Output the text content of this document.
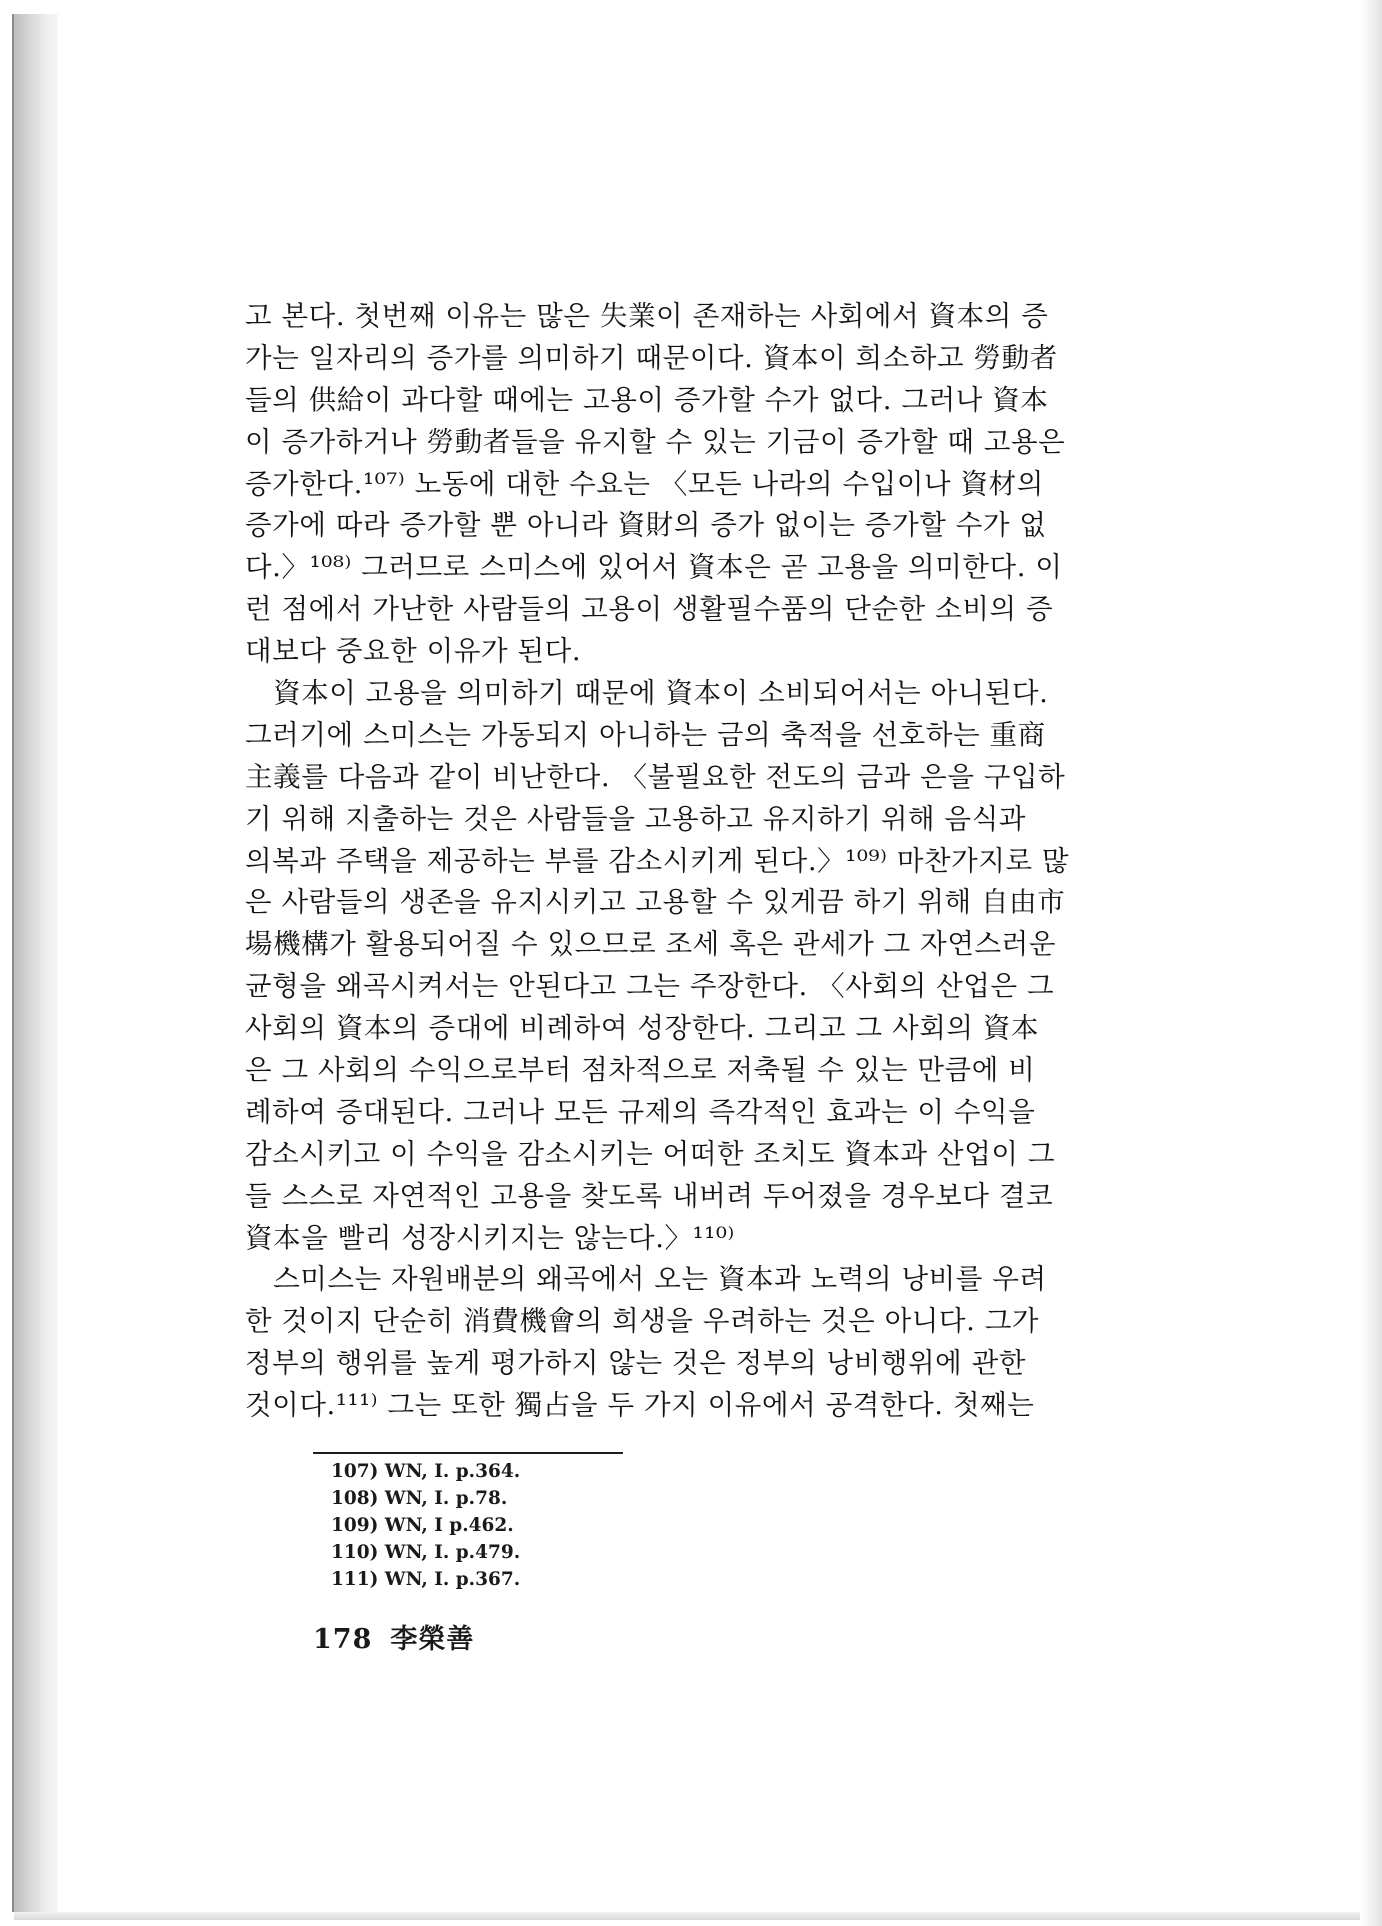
고 본다. 첫번째 이유는 많은 失業이 존재하는 사회에서 資本의 증
가는 일자리의 증가를 의미하기 때문이다. 資本이 희소하고 勞動者
들의 供給이 과다할 때에는 고용이 증가할 수가 없다. 그러나 資本
이 증가하거나 勞動者들을 유지할 수 있는 기금이 증가할 때 고용은
증가한다.¹⁰⁷⁾ 노동에 대한 수요는 〈모든 나라의 수입이나 資材의
증가에 따라 증가할 뿐 아니라 資財의 증가 없이는 증가할 수가 없
다.〉¹⁰⁸⁾ 그러므로 스미스에 있어서 資本은 곧 고용을 의미한다. 이
런 점에서 가난한 사람들의 고용이 생활필수품의 단순한 소비의 증
대보다 중요한 이유가 된다.
　資本이 고용을 의미하기 때문에 資本이 소비되어서는 아니된다.
그러기에 스미스는 가동되지 아니하는 금의 축적을 선호하는 重商
主義를 다음과 같이 비난한다. 〈불필요한 전도의 금과 은을 구입하
기 위해 지출하는 것은 사람들을 고용하고 유지하기 위해 음식과
의복과 주택을 제공하는 부를 감소시키게 된다.〉¹⁰⁹⁾ 마찬가지로 많
은 사람들의 생존을 유지시키고 고용할 수 있게끔 하기 위해 自由市
場機構가 활용되어질 수 있으므로 조세 혹은 관세가 그 자연스러운
균형을 왜곡시켜서는 안된다고 그는 주장한다. 〈사회의 산업은 그
사회의 資本의 증대에 비례하여 성장한다. 그리고 그 사회의 資本
은 그 사회의 수익으로부터 점차적으로 저축될 수 있는 만큼에 비
례하여 증대된다. 그러나 모든 규제의 즉각적인 효과는 이 수익을
감소시키고 이 수익을 감소시키는 어떠한 조치도 資本과 산업이 그
들 스스로 자연적인 고용을 찾도록 내버려 두어졌을 경우보다 결코
資本을 빨리 성장시키지는 않는다.〉¹¹⁰⁾
　스미스는 자원배분의 왜곡에서 오는 資本과 노력의 낭비를 우려
한 것이지 단순히 消費機會의 희생을 우려하는 것은 아니다. 그가
정부의 행위를 높게 평가하지 않는 것은 정부의 낭비행위에 관한
것이다.¹¹¹⁾ 그는 또한 獨占을 두 가지 이유에서 공격한다. 첫째는
107) WN, I. p.364.
108) WN, I. p.78.
109) WN, I p.462.
110) WN, I. p.479.
111) WN, I. p.367.
178 李榮善
